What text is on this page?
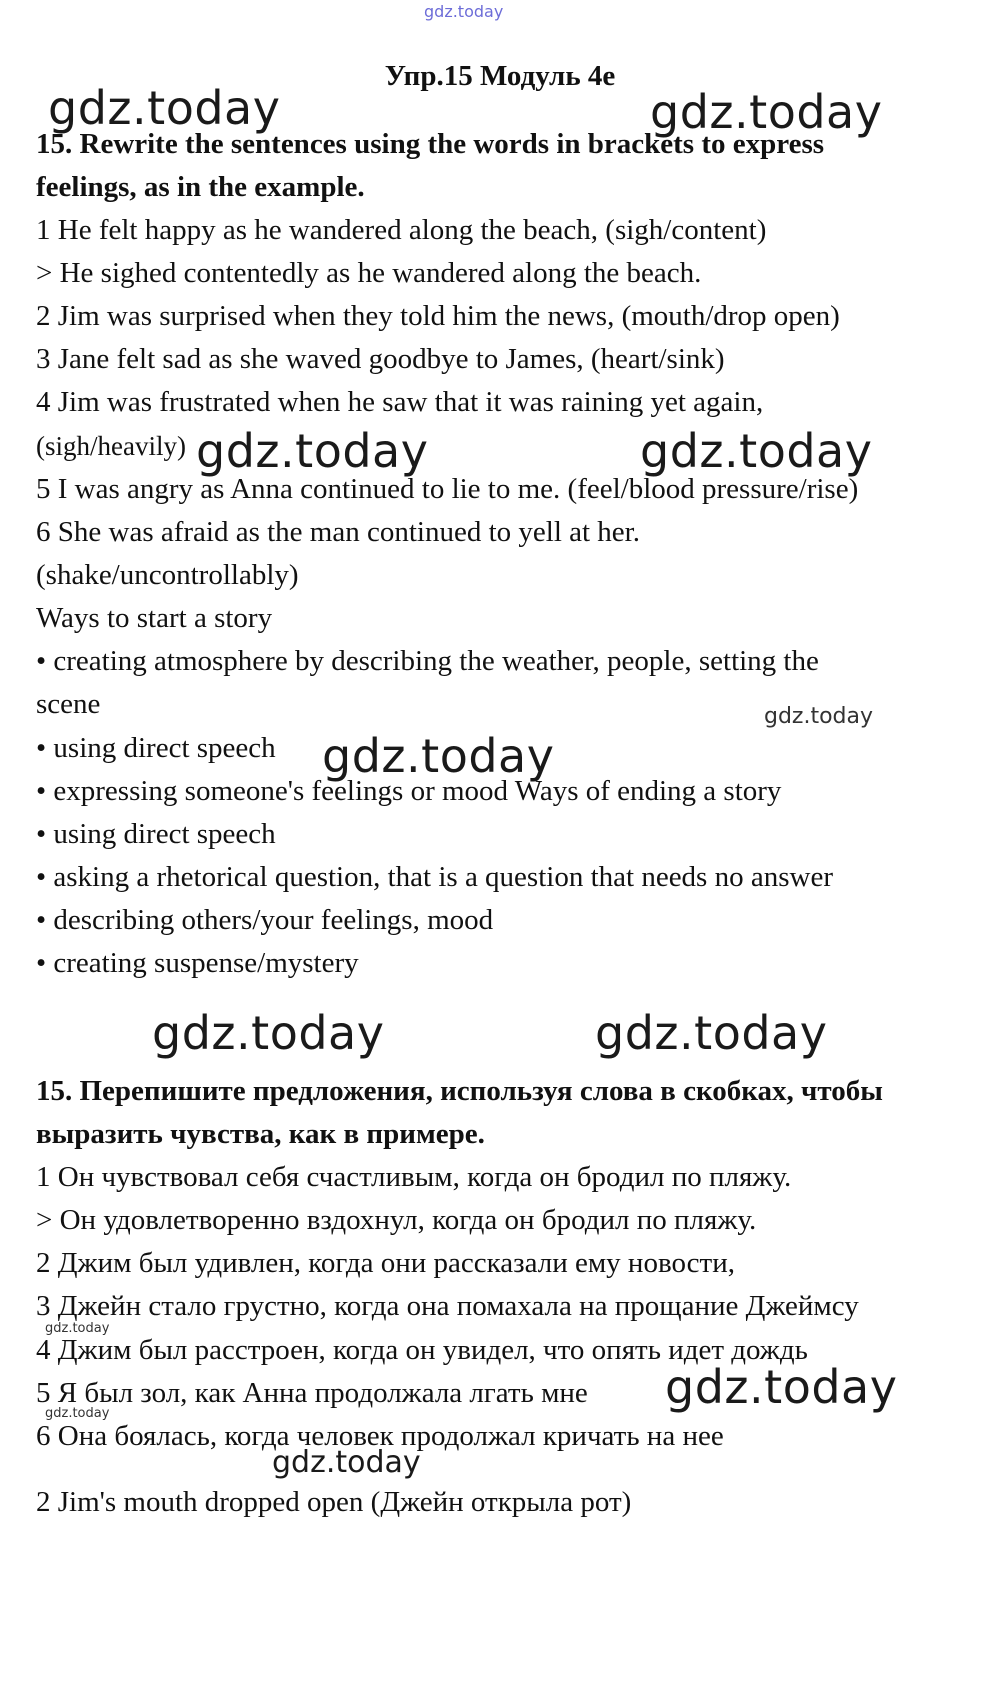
Упр.15 Модуль 4е
15. Rewrite the sentences using the words in brackets to express
feelings, as in the example.
1 He felt happy as he wandered along the beach, (sigh/content)
> He sighed contentedly as he wandered along the beach.
2 Jim was surprised when they told him the news, (mouth/drop open)
3 Jane felt sad as she waved goodbye to James, (heart/sink)
4 Jim was frustrated when he saw that it was raining yet again,
(sigh/heavily)
5 I was angry as Anna continued to lie to me. (feel/blood pressure/rise)
6 She was afraid as the man continued to yell at her.
(shake/uncontrollably)
Ways to start a story
• creating atmosphere by describing the weather, people, setting the
scene
• using direct speech
• expressing someone's feelings or mood Ways of ending a story
• using direct speech
• asking a rhetorical question, that is a question that needs no answer
• describing others/your feelings, mood
• creating suspense/mystery
15. Перепишите предложения, используя слова в скобках, чтобы
выразить чувства, как в примере.
1 Он чувствовал себя счастливым, когда он бродил по пляжу.
> Он удовлетворенно вздохнул, когда он бродил по пляжу.
2 Джим был удивлен, когда они рассказали ему новости,
3 Джейн стало грустно, когда она помахала на прощание Джеймсу
4 Джим был расстроен, когда он увидел, что опять идет дождь
5 Я был зол, как Анна продолжала лгать мне
6 Она боялась, когда человек продолжал кричать на нее
2 Jim's mouth dropped open (Джейн открыла рот)
gdz.today
gdz.today	gdz.today
gdz.today	gdz.today
gdz.today
gdz.today
gdz.today	gdz.today
gdz.today
gdz.today
gdz.today
gdz.today
